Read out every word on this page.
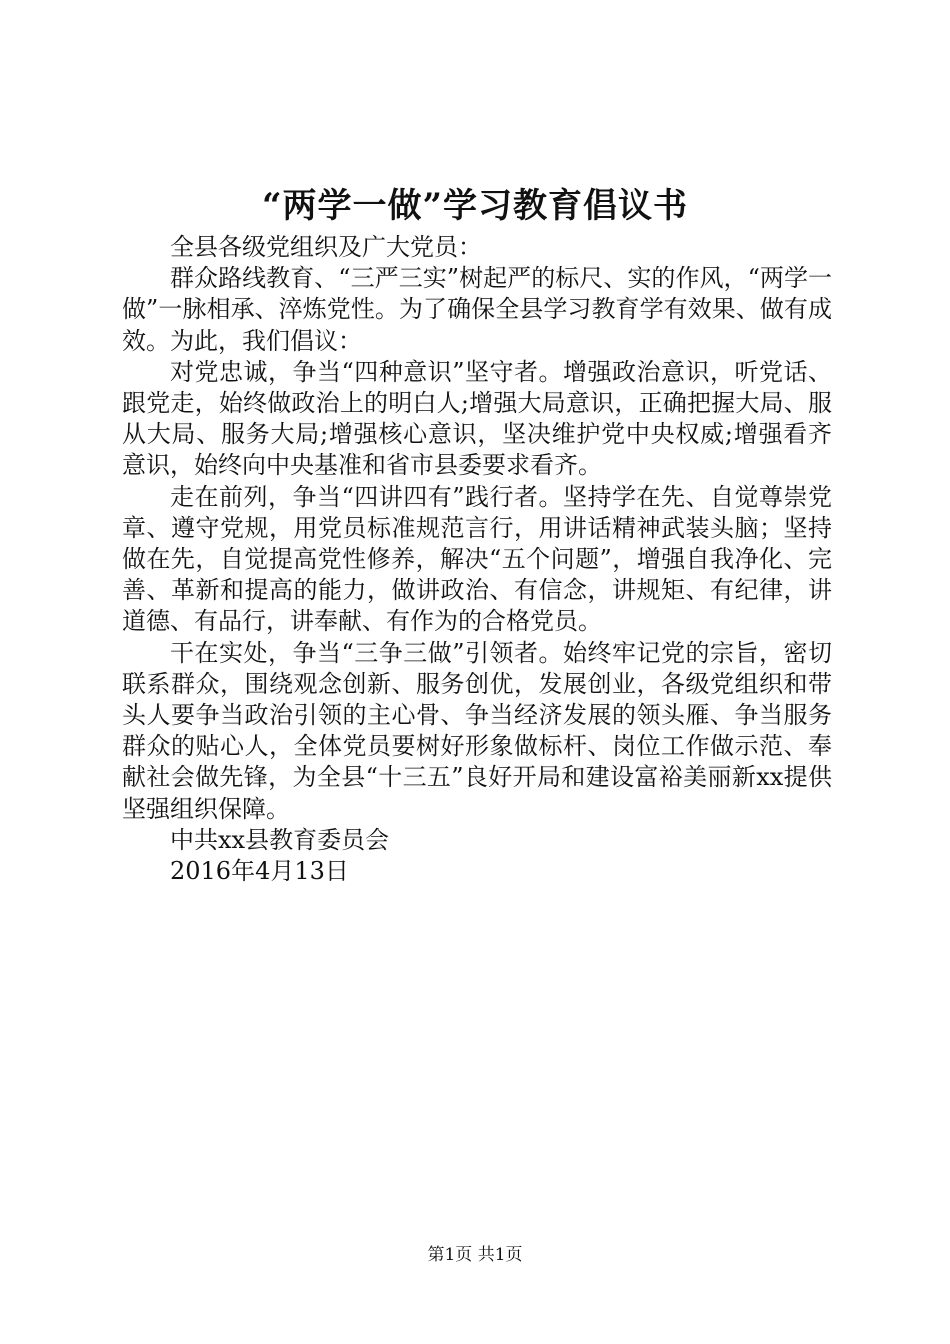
“两学一做”学习教育倡议书

全县各级党组织及广大党员：

群众路线教育、“三严三实”树起严的标尺、实的作风，“两学一做”一脉相承、淬炼党性。为了确保全县学习教育学有效果、做有成效。为此，我们倡议：

对党忠诚，争当“四种意识”坚守者。增强政治意识，听党话、跟党走，始终做政治上的明白人;增强大局意识，正确把握大局、服从大局、服务大局;增强核心意识，坚决维护党中央权威;增强看齐意识，始终向中央基准和省市县委要求看齐。

走在前列，争当“四讲四有”践行者。坚持学在先、自觉尊崇党章、遵守党规，用党员标准规范言行，用讲话精神武装头脑；坚持做在先，自觉提高党性修养，解决“五个问题”，增强自我净化、完善、革新和提高的能力，做讲政治、有信念，讲规矩、有纪律，讲道德、有品行，讲奉献、有作为的合格党员。

干在实处，争当“三争三做”引领者。始终牢记党的宗旨，密切联系群众，围绕观念创新、服务创优，发展创业，各级党组织和带头人要争当政治引领的主心骨、争当经济发展的领头雁、争当服务群众的贴心人，全体党员要树好形象做标杆、岗位工作做示范、奉献社会做先锋，为全县“十三五”良好开局和建设富裕美丽新xx提供坚强组织保障。

中共xx县教育委员会

2016年4月13日

第1页 共1页
